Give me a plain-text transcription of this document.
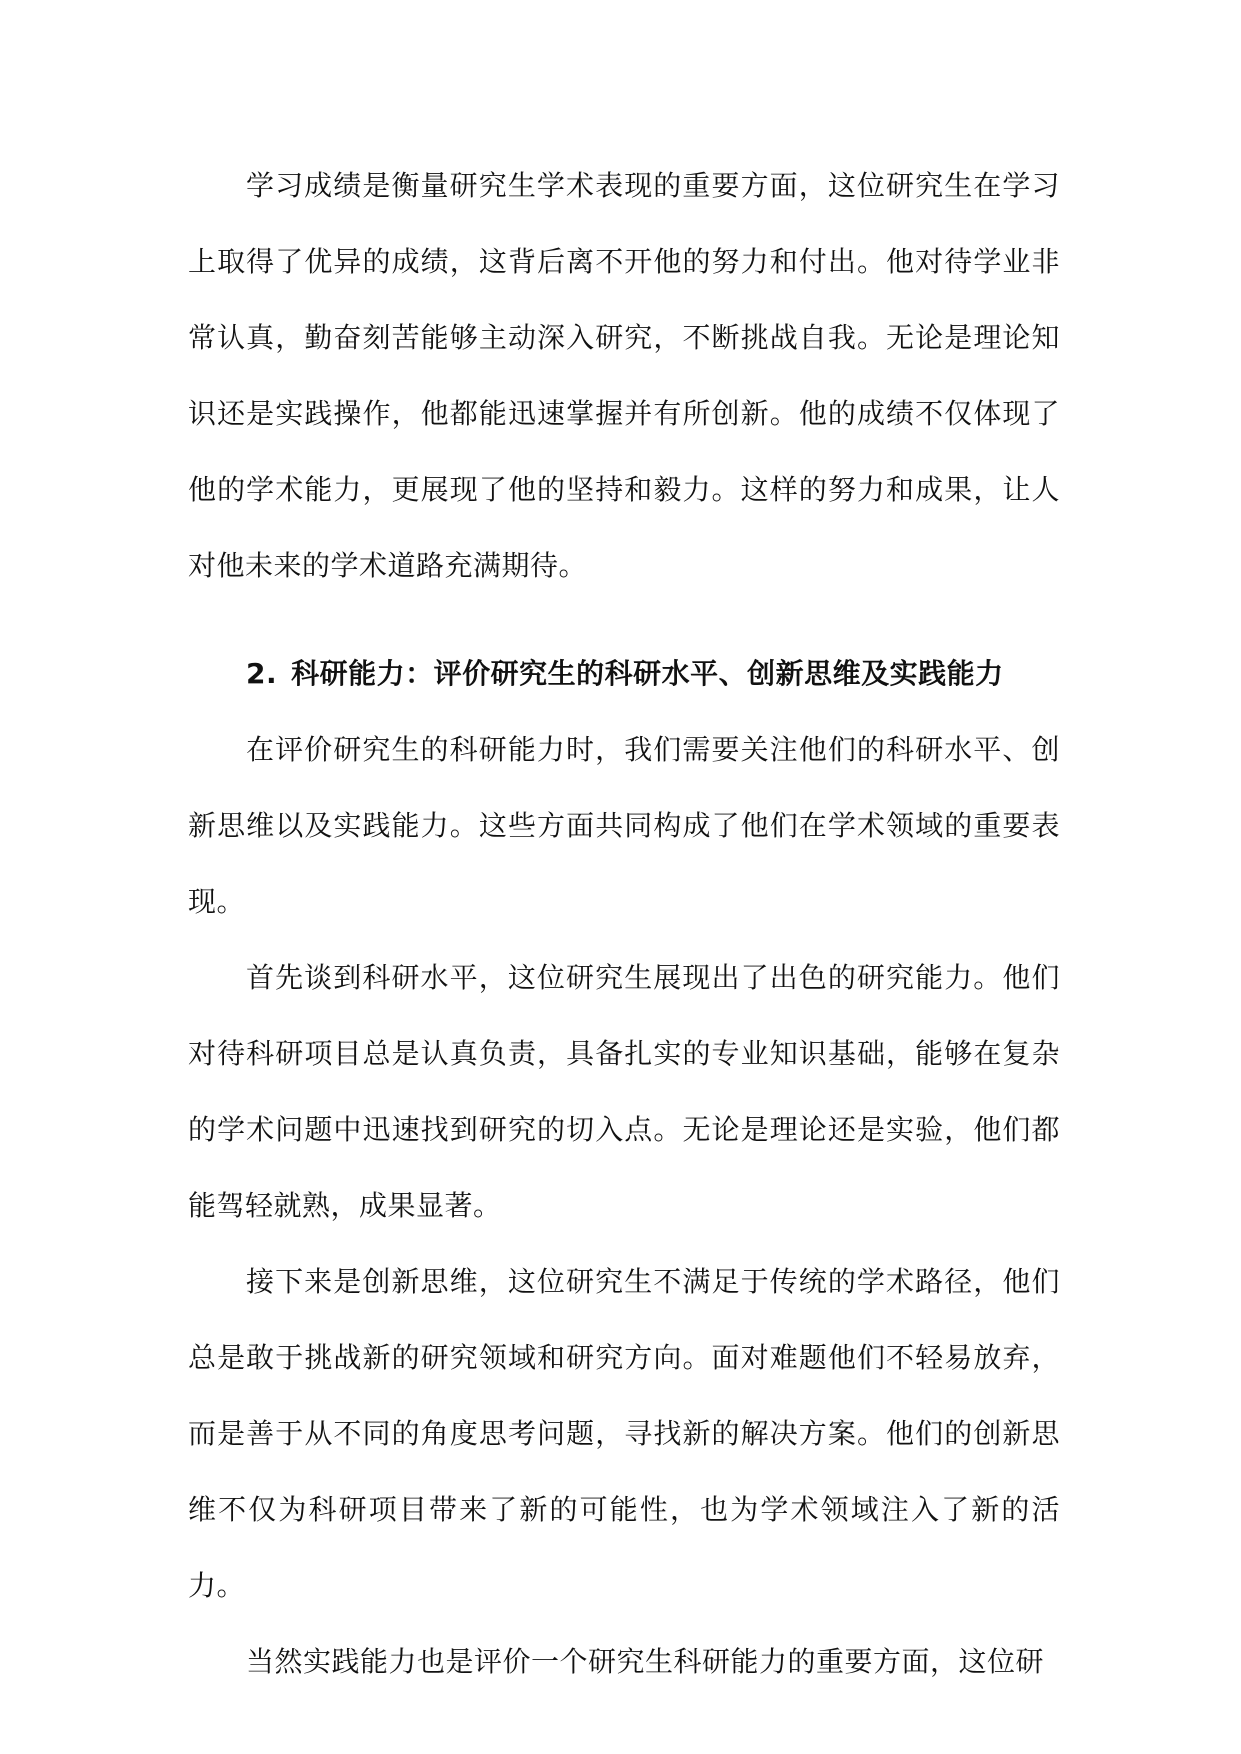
学习成绩是衡量研究生学术表现的重要方面，这位研究生在学习上取得了优异的成绩，这背后离不开他的努力和付出。他对待学业非常认真，勤奋刻苦能够主动深入研究，不断挑战自我。无论是理论知识还是实践操作，他都能迅速掌握并有所创新。他的成绩不仅体现了他的学术能力，更展现了他的坚持和毅力。这样的努力和成果，让人对他未来的学术道路充满期待。

2. 科研能力：评价研究生的科研水平、创新思维及实践能力

在评价研究生的科研能力时，我们需要关注他们的科研水平、创新思维以及实践能力。这些方面共同构成了他们在学术领域的重要表现。

首先谈到科研水平，这位研究生展现出了出色的研究能力。他们对待科研项目总是认真负责，具备扎实的专业知识基础，能够在复杂的学术问题中迅速找到研究的切入点。无论是理论还是实验，他们都能驾轻就熟，成果显著。

接下来是创新思维，这位研究生不满足于传统的学术路径，他们总是敢于挑战新的研究领域和研究方向。面对难题他们不轻易放弃，而是善于从不同的角度思考问题，寻找新的解决方案。他们的创新思维不仅为科研项目带来了新的可能性，也为学术领域注入了新的活力。

当然实践能力也是评价一个研究生科研能力的重要方面，这位研
